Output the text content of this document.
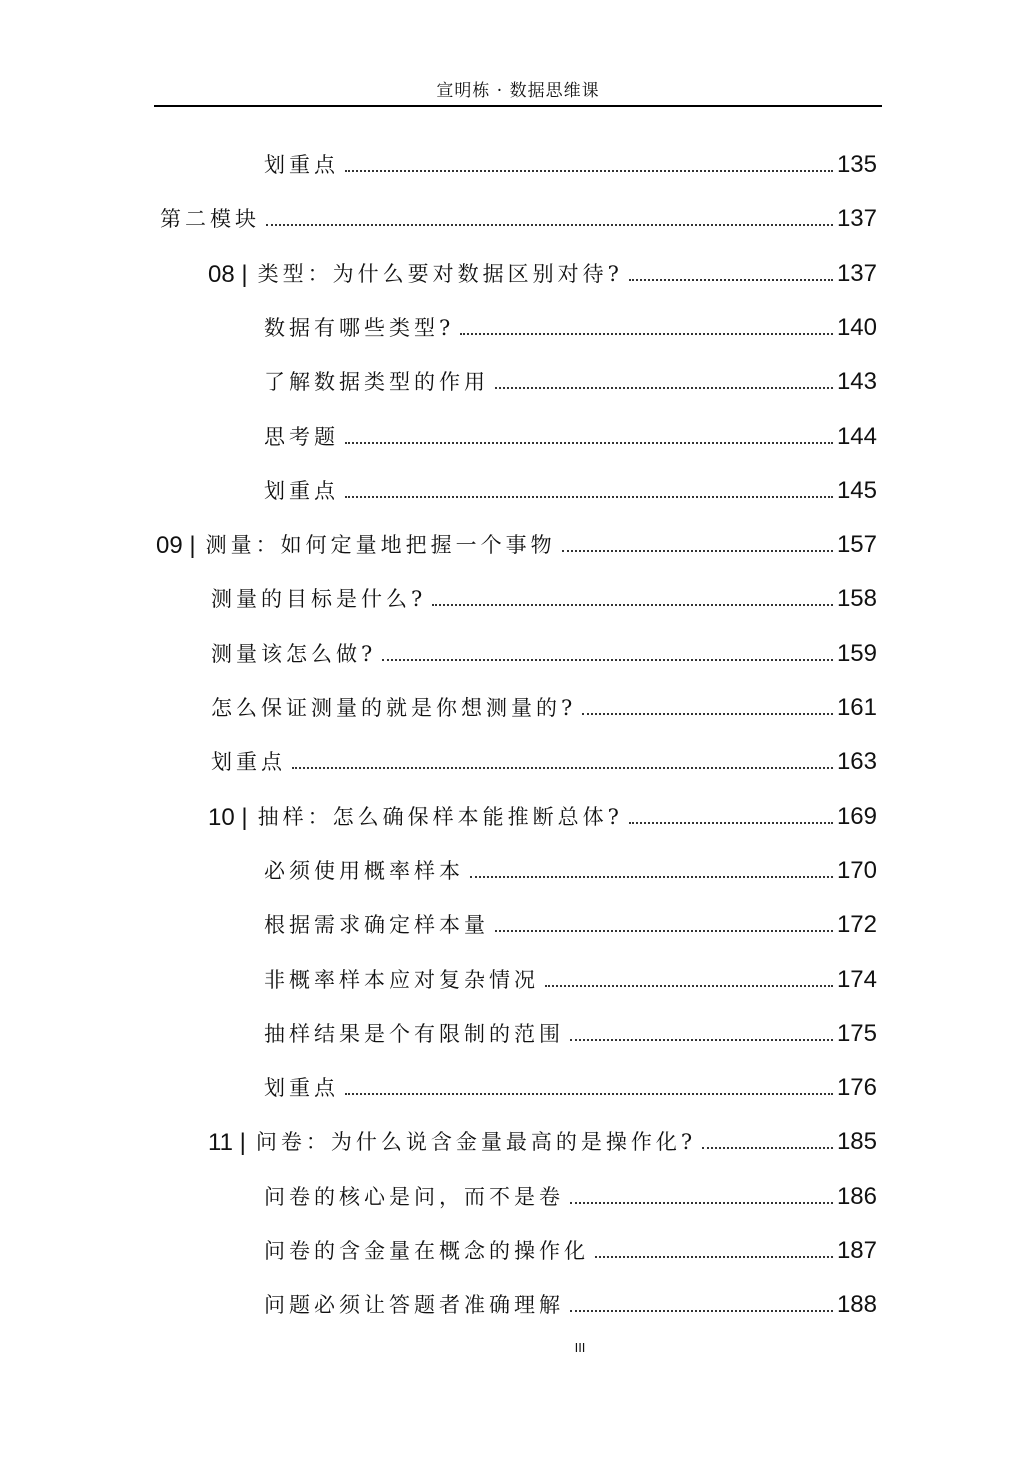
宣明栋 · 数据思维课
划重点	135
第二模块	137
08 | 类型：为什么要对数据区别对待?	137
数据有哪些类型?	140
了解数据类型的作用	143
思考题	144
划重点	145
09 | 测量：如何定量地把握一个事物	157
测量的目标是什么?	158
测量该怎么做?	159
怎么保证测量的就是你想测量的?	161
划重点	163
10 | 抽样：怎么确保样本能推断总体?	169
必须使用概率样本	170
根据需求确定样本量	172
非概率样本应对复杂情况	174
抽样结果是个有限制的范围	175
划重点	176
11 | 问卷：为什么说含金量最高的是操作化?	185
问卷的核心是问，而不是卷	186
问卷的含金量在概念的操作化	187
问题必须让答题者准确理解	188
III
